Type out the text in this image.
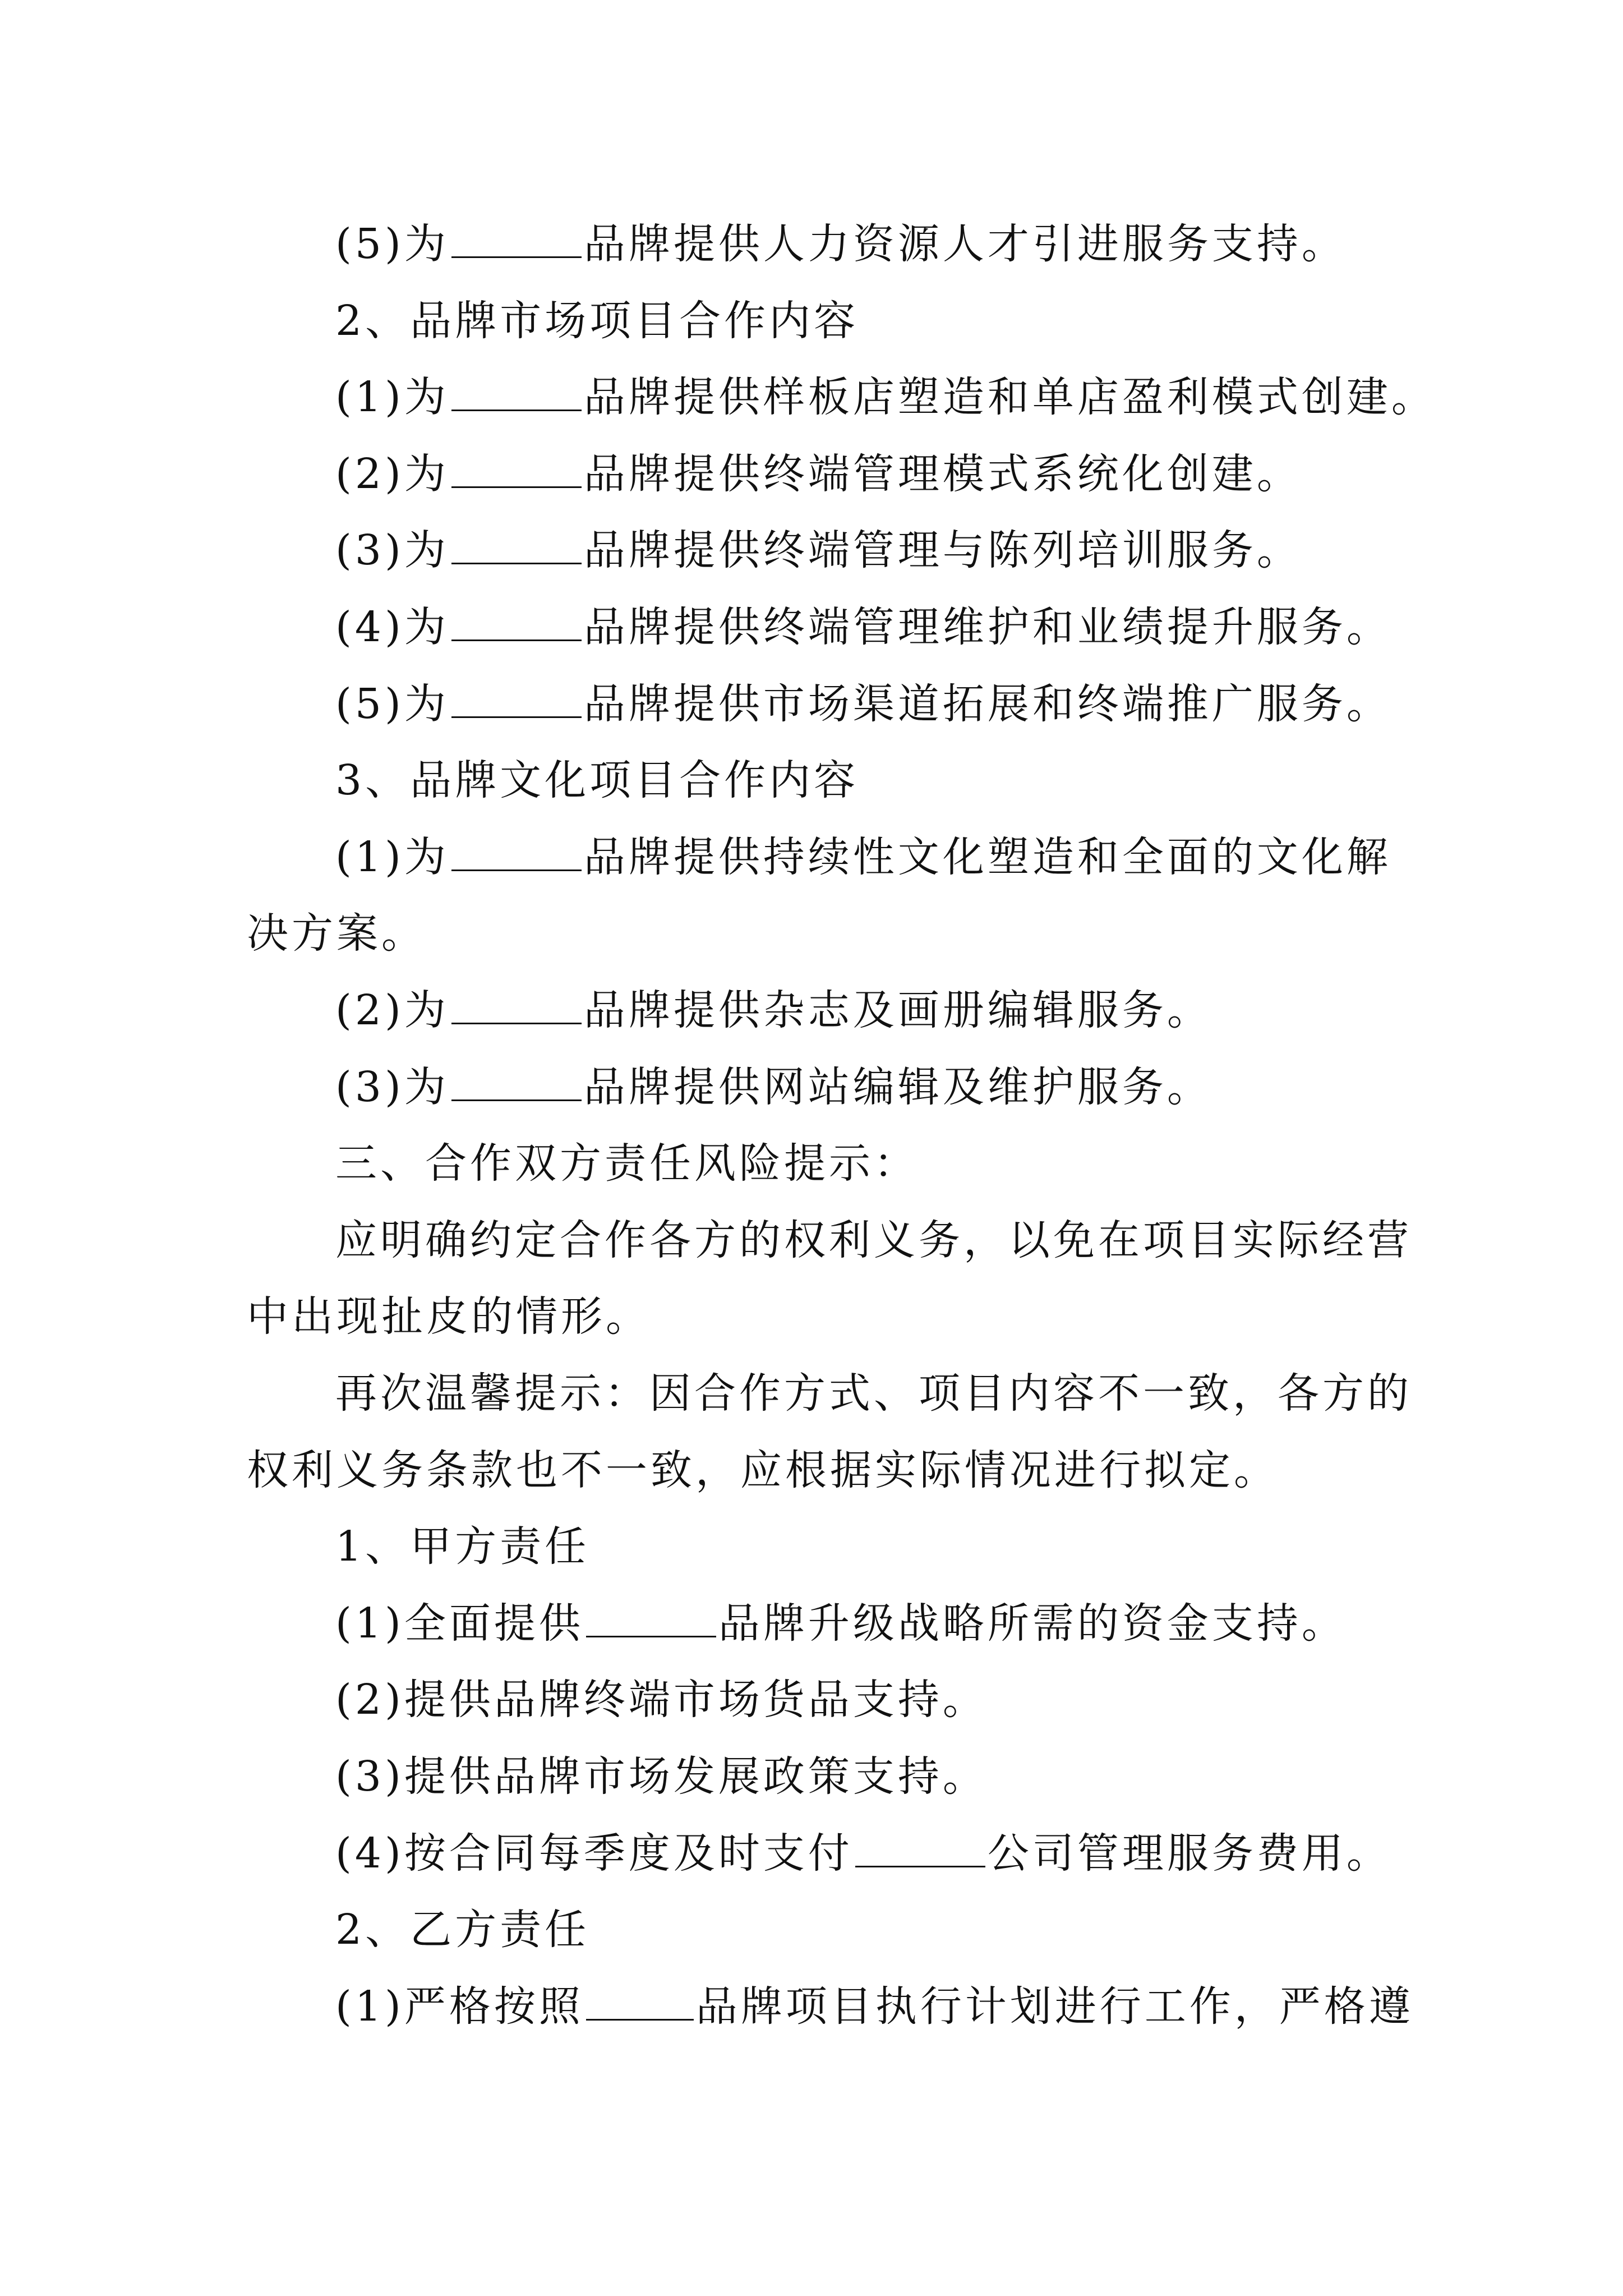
(5)为	品牌提供人力资源人才引进服务支持。
2、品牌市场项目合作内容
(1)为	品牌提供样板店塑造和单店盈利模式创建。
(2)为	品牌提供终端管理模式系统化创建。
(3)为	品牌提供终端管理与陈列培训服务。
(4)为	品牌提供终端管理维护和业绩提升服务。
(5)为	品牌提供市场渠道拓展和终端推广服务。
3、品牌文化项目合作内容
(1)为	品牌提供持续性文化塑造和全面的文化解
决方案。
(2)为	品牌提供杂志及画册编辑服务。
(3)为	品牌提供网站编辑及维护服务。
三、合作双方责任风险提示：
应明确约定合作各方的权利义务，以免在项目实际经营
中出现扯皮的情形。
再次温馨提示：因合作方式、项目内容不一致，各方的
权利义务条款也不一致，应根据实际情况进行拟定。
1、甲方责任
(1)全面提供	品牌升级战略所需的资金支持。
(2)提供品牌终端市场货品支持。
(3)提供品牌市场发展政策支持。
(4)按合同每季度及时支付	公司管理服务费用。
2、乙方责任
(1)严格按照	品牌项目执行计划进行工作，严格遵
